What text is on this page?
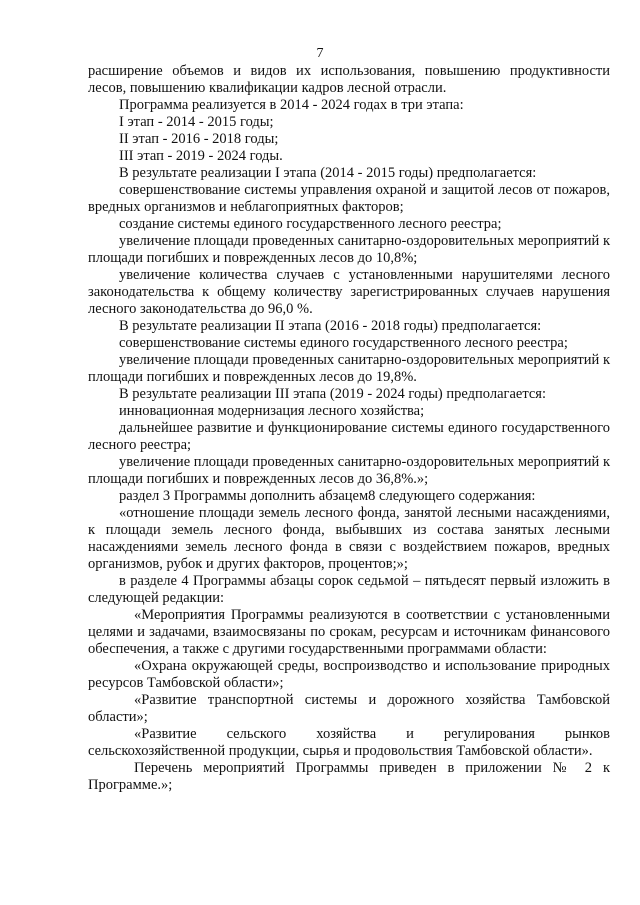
7

расширение объемов и видов их использования, повышению продуктивности лесов, повышению квалификации кадров лесной отрасли.

Программа реализуется в 2014 - 2024 годах в три этапа:

I этап - 2014 - 2015 годы;

II этап - 2016 - 2018 годы;

III этап - 2019 - 2024 годы.

В результате реализации I этапа (2014 - 2015 годы) предполагается:

совершенствование системы управления охраной и защитой лесов от пожаров, вредных организмов и неблагоприятных факторов;

создание системы единого государственного лесного реестра;

увеличение площади проведенных санитарно-оздоровительных мероприятий к площади погибших и поврежденных лесов до 10,8%;

увеличение количества случаев с установленными нарушителями лесного законодательства к общему количеству зарегистрированных случаев нарушения лесного законодательства до 96,0 %.

В результате реализации II этапа (2016 - 2018 годы) предполагается:

совершенствование системы единого государственного лесного реестра;

увеличение площади проведенных санитарно-оздоровительных мероприятий к площади погибших и поврежденных лесов до 19,8%.

В результате реализации III этапа (2019 - 2024 годы) предполагается:

инновационная модернизация лесного хозяйства;

дальнейшее развитие и функционирование системы единого государственного лесного реестра;

увеличение площади проведенных санитарно-оздоровительных мероприятий к площади погибших и поврежденных лесов до 36,8%.»;

раздел 3 Программы дополнить абзацем8 следующего содержания:

«отношение площади земель лесного фонда, занятой лесными насаждениями, к площади земель лесного фонда, выбывших из состава занятых лесными насаждениями земель лесного фонда в связи с воздействием пожаров, вредных организмов, рубок и других факторов, процентов;»;

в разделе 4 Программы абзацы сорок седьмой – пятьдесят первый изложить в следующей редакции:

«Мероприятия Программы реализуются в соответствии с установленными целями и задачами, взаимосвязаны по срокам, ресурсам и источникам финансового обеспечения, а также с другими государственными программами области:

«Охрана окружающей среды, воспроизводство и использование природных ресурсов Тамбовской области»;

«Развитие транспортной системы и дорожного хозяйства Тамбовской области»;

«Развитие сельского хозяйства и регулирования рынков сельскохозяйственной продукции, сырья и продовольствия Тамбовской области».

Перечень мероприятий Программы приведен в приложении № 2 к Программе.»;
